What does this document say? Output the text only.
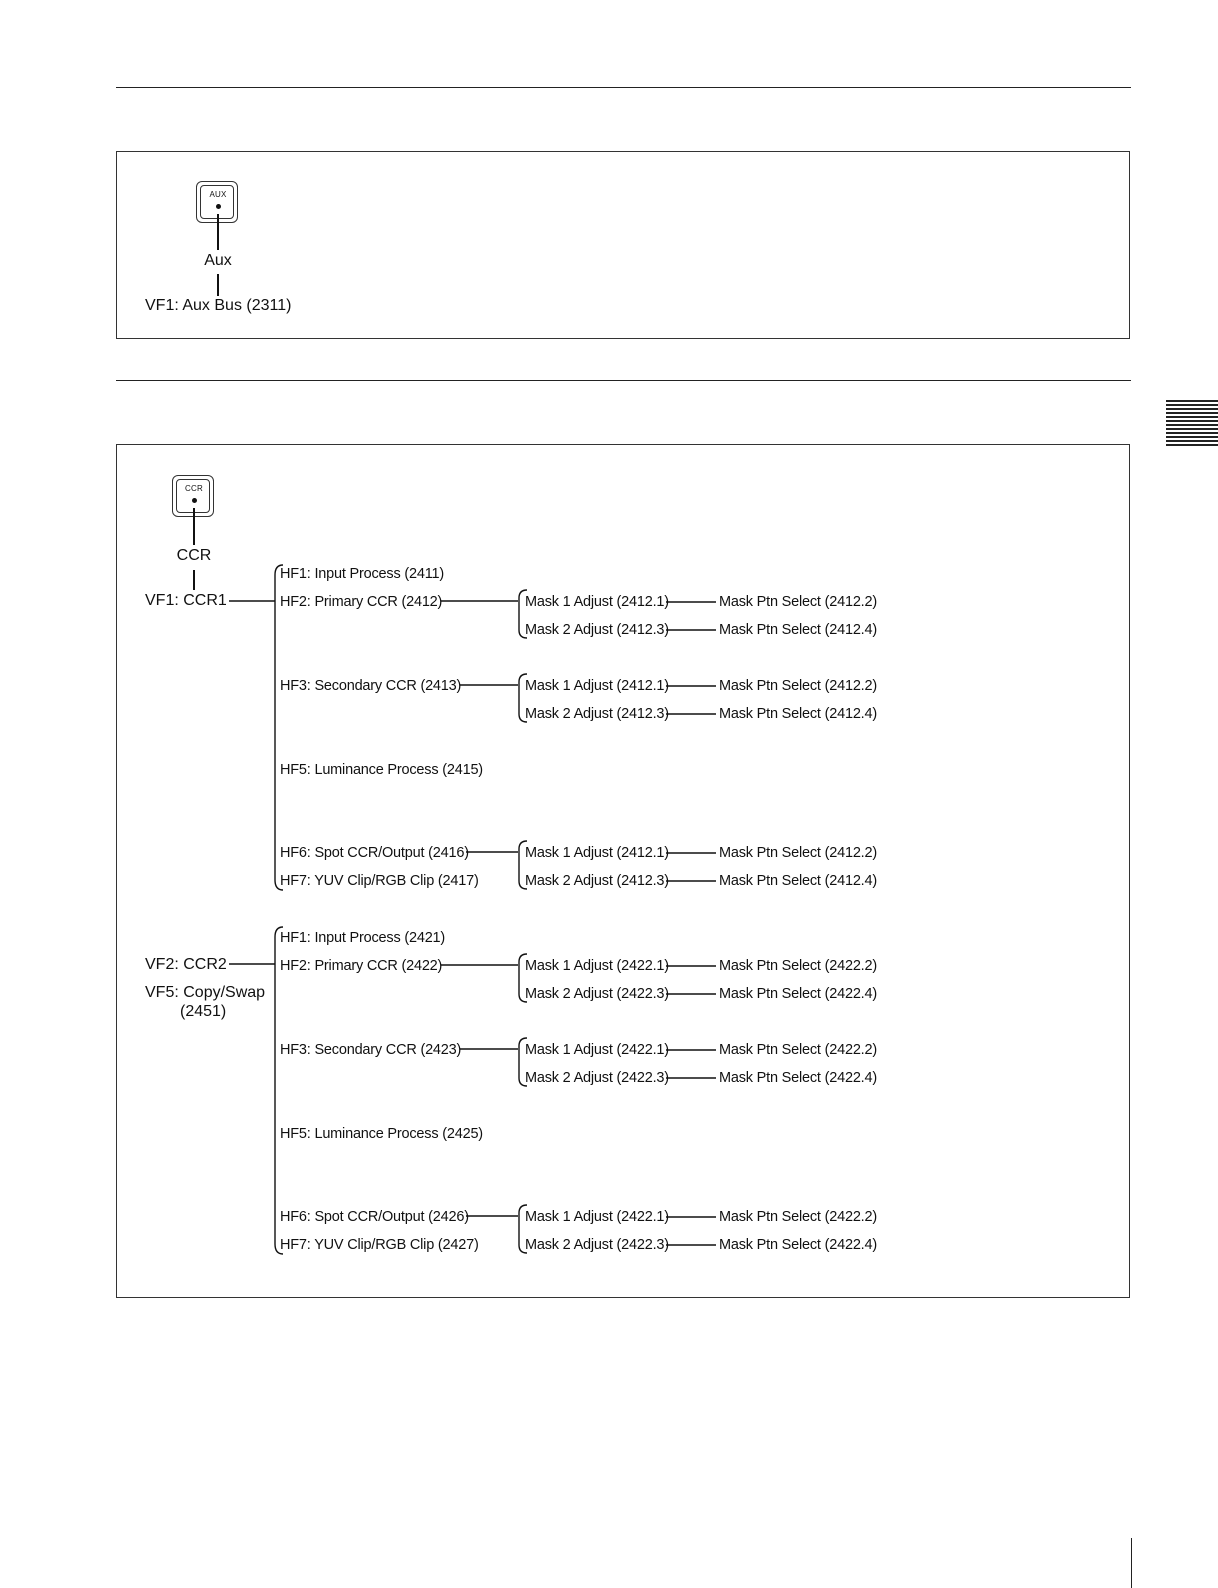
AUX
Aux
VF1: Aux Bus (2311)
CCR
CCR
VF1: CCR1
HF1: Input Process (2411)
HF2: Primary CCR (2412)	Mask 1 Adjust (2412.1)	Mask Ptn Select (2412.2)
Mask 2 Adjust (2412.3)	Mask Ptn Select (2412.4)
HF3: Secondary CCR (2413)	Mask 1 Adjust (2412.1)	Mask Ptn Select (2412.2)
Mask 2 Adjust (2412.3)	Mask Ptn Select (2412.4)
HF5: Luminance Process (2415)
HF6: Spot CCR/Output (2416)	Mask 1 Adjust (2412.1)	Mask Ptn Select (2412.2)
Mask 2 Adjust (2412.3)	Mask Ptn Select (2412.4)
HF7: YUV Clip/RGB Clip (2417)
VF2: CCR2
VF5: Copy/Swap
(2451)
HF1: Input Process (2421)
HF2: Primary CCR (2422)	Mask 1 Adjust (2422.1)	Mask Ptn Select (2422.2)
Mask 2 Adjust (2422.3)	Mask Ptn Select (2422.4)
HF3: Secondary CCR (2423)	Mask 1 Adjust (2422.1)	Mask Ptn Select (2422.2)
Mask 2 Adjust (2422.3)	Mask Ptn Select (2422.4)
HF5: Luminance Process (2425)
HF6: Spot CCR/Output (2426)	Mask 1 Adjust (2422.1)	Mask Ptn Select (2422.2)
Mask 2 Adjust (2422.3)	Mask Ptn Select (2422.4)
HF7: YUV Clip/RGB Clip (2427)
